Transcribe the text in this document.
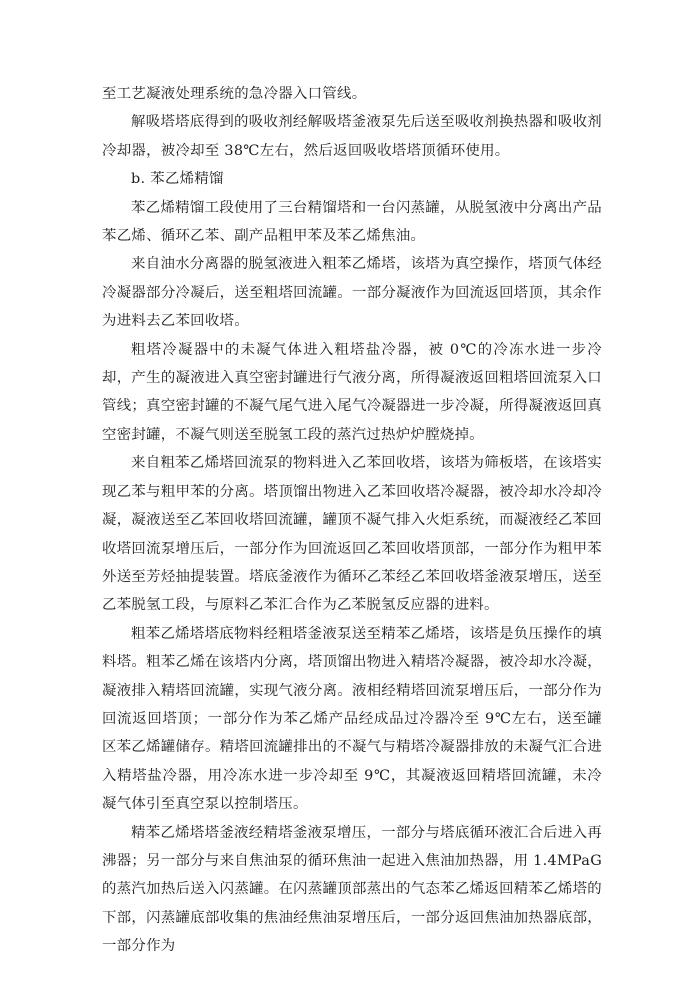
至工艺凝液处理系统的急冷器入口管线。

解吸塔塔底得到的吸收剂经解吸塔釜液泵先后送至吸收剂换热器和吸收剂冷却器，被冷却至 38℃左右，然后返回吸收塔塔顶循环使用。

b. 苯乙烯精馏

苯乙烯精馏工段使用了三台精馏塔和一台闪蒸罐，从脱氢液中分离出产品苯乙烯、循环乙苯、副产品粗甲苯及苯乙烯焦油。

来自油水分离器的脱氢液进入粗苯乙烯塔，该塔为真空操作，塔顶气体经冷凝器部分冷凝后，送至粗塔回流罐。一部分凝液作为回流返回塔顶，其余作为进料去乙苯回收塔。

粗塔冷凝器中的未凝气体进入粗塔盐冷器，被 0℃的冷冻水进一步冷却，产生的凝液进入真空密封罐进行气液分离，所得凝液返回粗塔回流泵入口管线；真空密封罐的不凝气尾气进入尾气冷凝器进一步冷凝，所得凝液返回真空密封罐，不凝气则送至脱氢工段的蒸汽过热炉炉膛烧掉。

来自粗苯乙烯塔回流泵的物料进入乙苯回收塔，该塔为筛板塔，在该塔实现乙苯与粗甲苯的分离。塔顶馏出物进入乙苯回收塔冷凝器，被冷却水冷却冷凝，凝液送至乙苯回收塔回流罐，罐顶不凝气排入火炬系统，而凝液经乙苯回收塔回流泵增压后，一部分作为回流返回乙苯回收塔顶部，一部分作为粗甲苯外送至芳烃抽提装置。塔底釜液作为循环乙苯经乙苯回收塔釜液泵增压，送至乙苯脱氢工段，与原料乙苯汇合作为乙苯脱氢反应器的进料。

粗苯乙烯塔塔底物料经粗塔釜液泵送至精苯乙烯塔，该塔是负压操作的填料塔。粗苯乙烯在该塔内分离，塔顶馏出物进入精塔冷凝器，被冷却水冷凝，凝液排入精塔回流罐，实现气液分离。液相经精塔回流泵增压后，一部分作为回流返回塔顶；一部分作为苯乙烯产品经成品过冷器冷至 9℃左右，送至罐区苯乙烯罐储存。精塔回流罐排出的不凝气与精塔冷凝器排放的未凝气汇合进入精塔盐冷器，用冷冻水进一步冷却至 9℃，其凝液返回精塔回流罐，未冷凝气体引至真空泵以控制塔压。

精苯乙烯塔塔釜液经精塔釜液泵增压，一部分与塔底循环液汇合后进入再沸器；另一部分与来自焦油泵的循环焦油一起进入焦油加热器，用 1.4MPaG 的蒸汽加热后送入闪蒸罐。在闪蒸罐顶部蒸出的气态苯乙烯返回精苯乙烯塔的下部，闪蒸罐底部收集的焦油经焦油泵增压后，一部分返回焦油加热器底部，一部分作为
